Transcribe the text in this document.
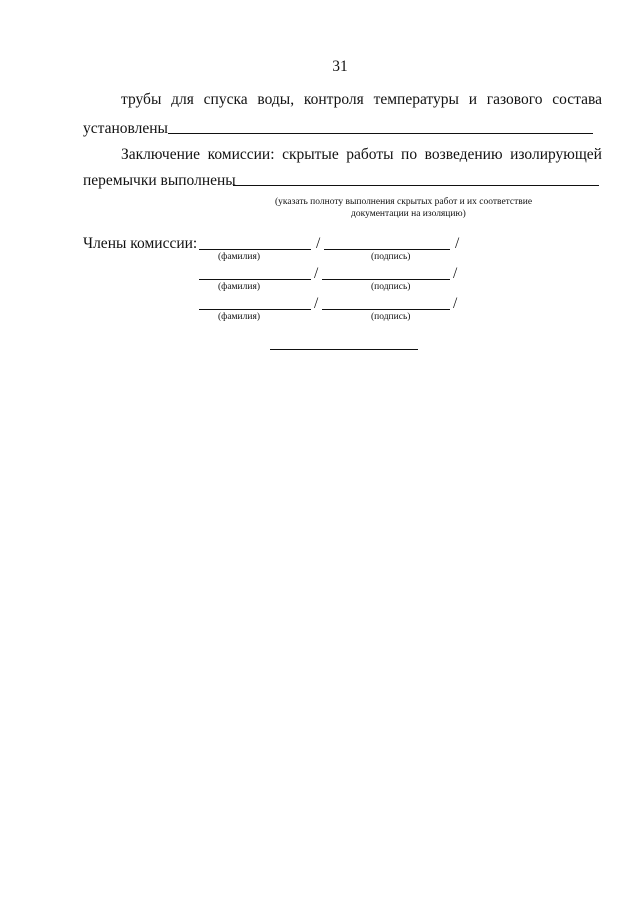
31
трубы для спуска воды, контроля температуры и газового состава
установлены
Заключение комиссии: скрытые работы по возведению изолирующей
перемычки выполнены
(указать полноту выполнения скрытых работ и их соответствие
документации на изоляцию)
Члены комиссии:	/	/
(фамилия)	(подпись)
/	/
(фамилия)	(подпись)
/	/
(фамилия)	(подпись)
